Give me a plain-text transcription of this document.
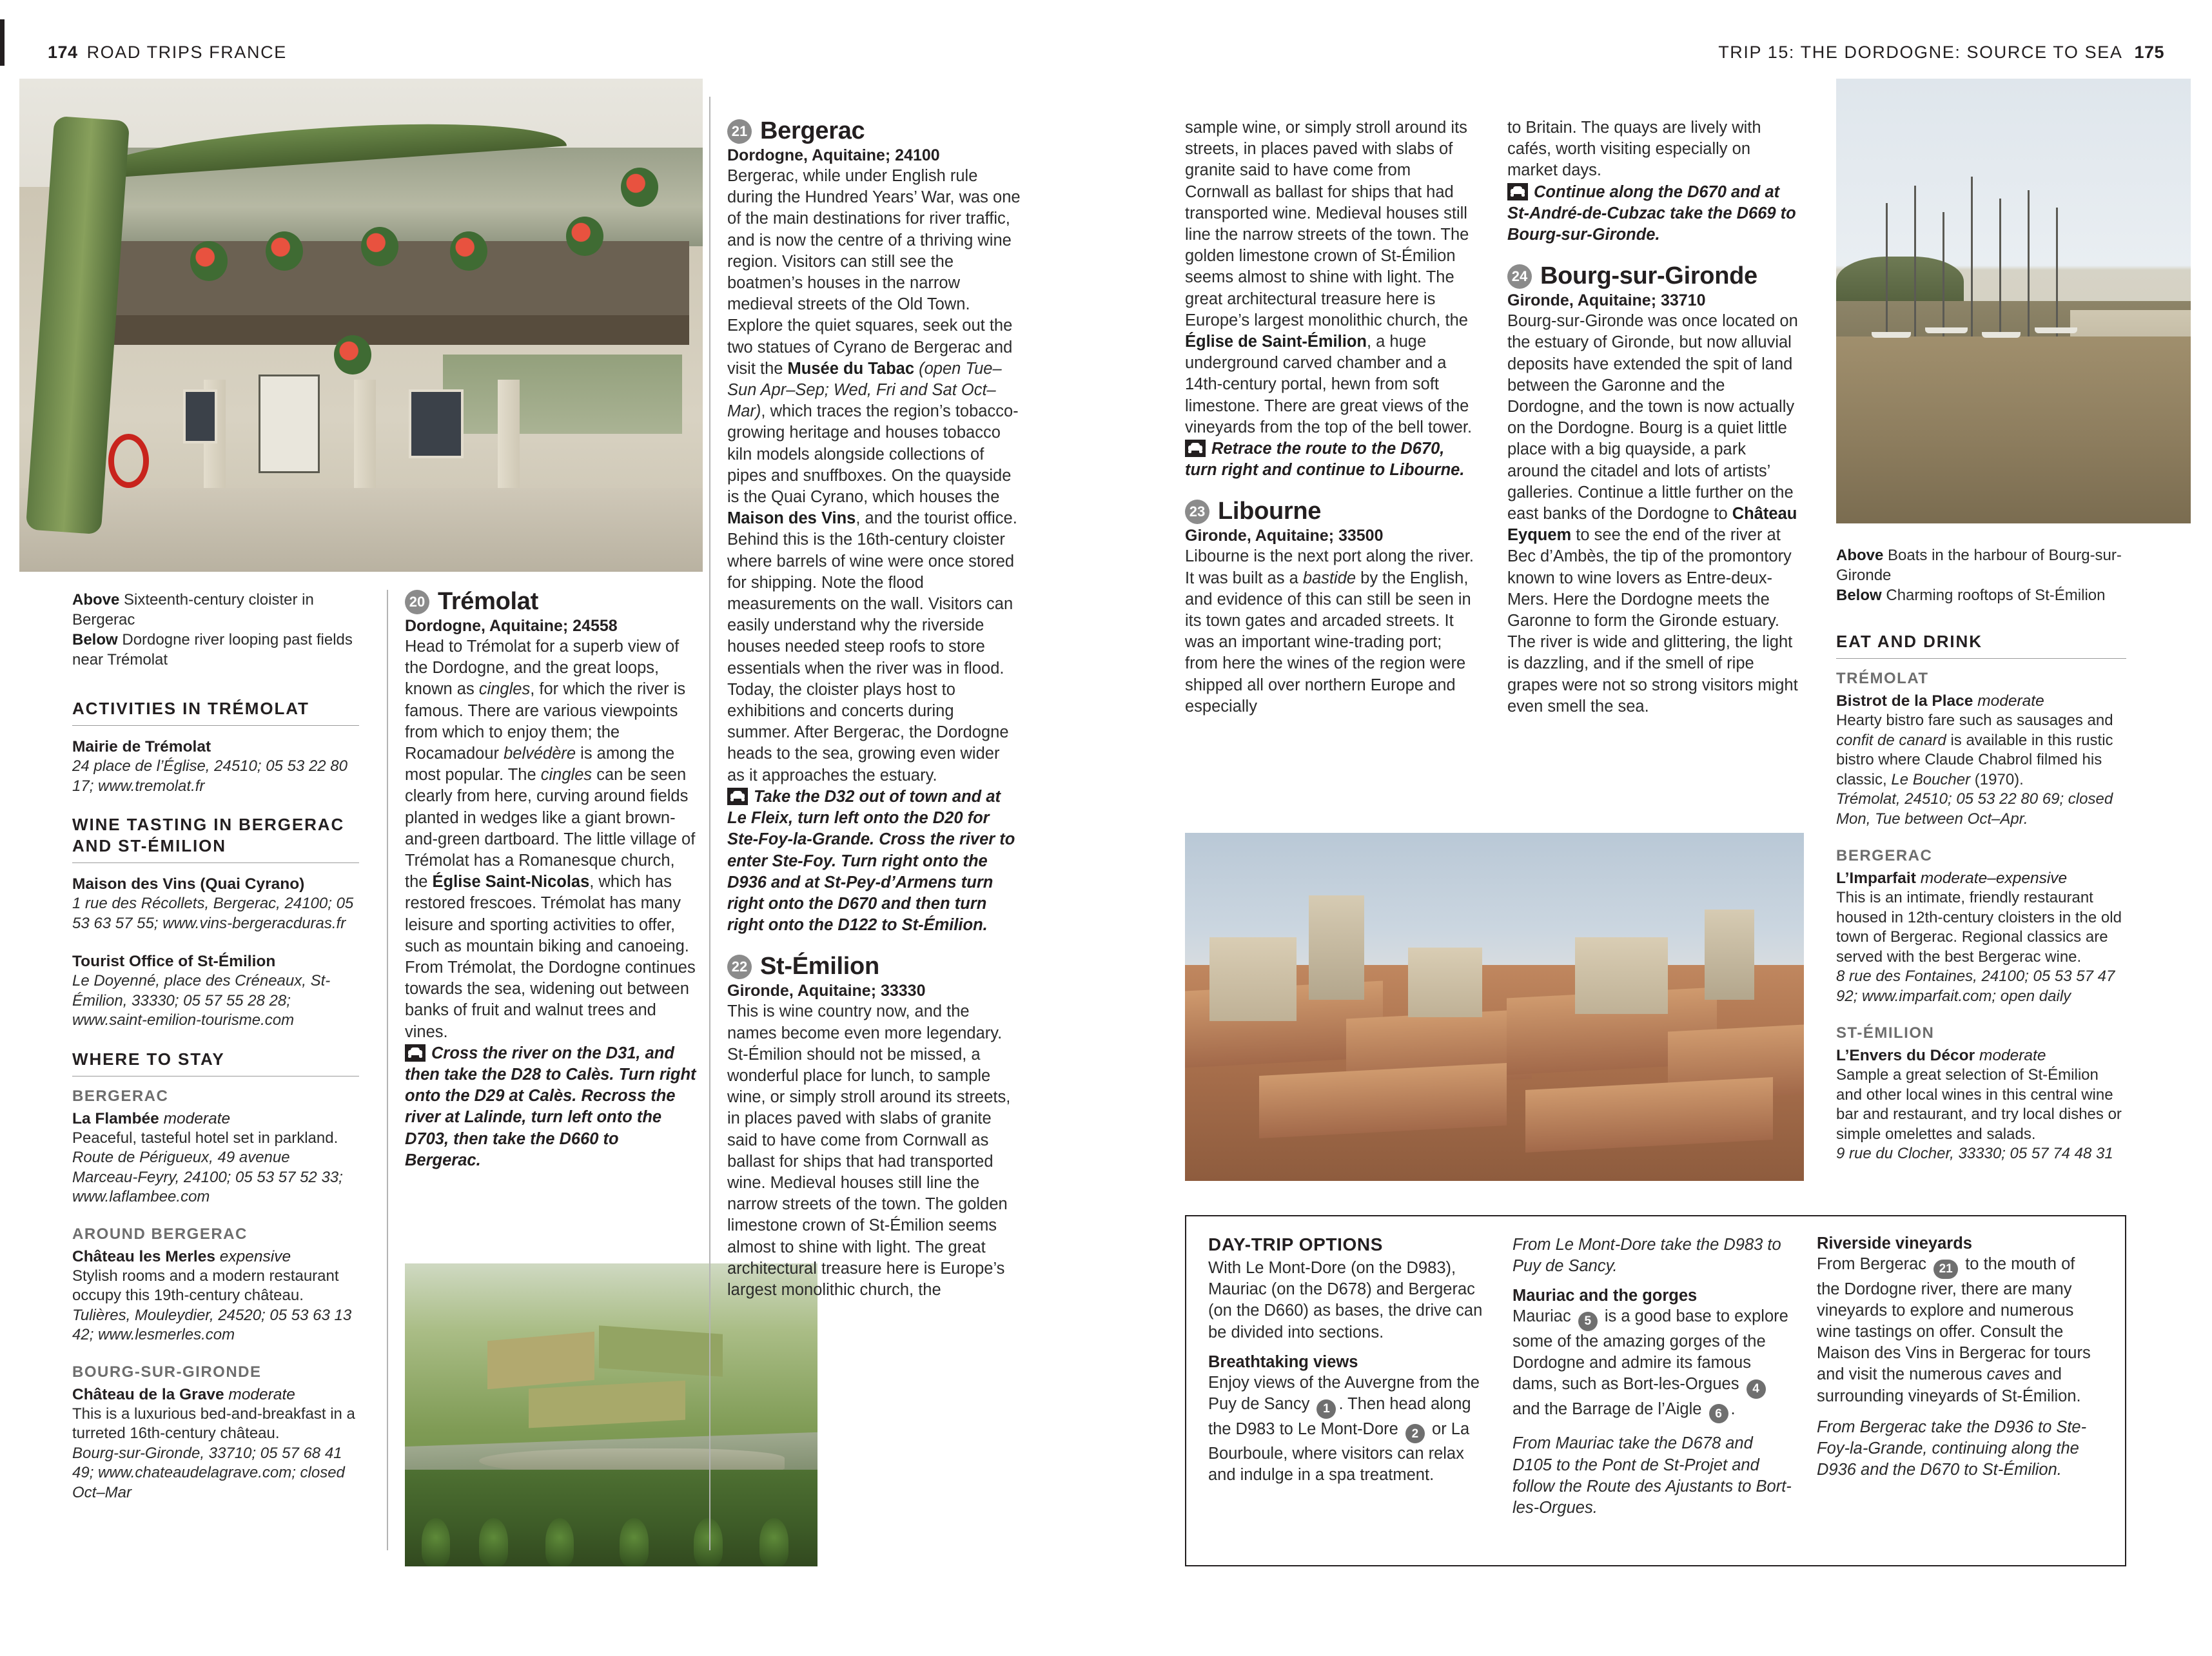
174 ROAD TRIPS FRANCE	TRIP 15: THE DORDOGNE: SOURCE TO SEA 175
Above Sixteenth-century cloister in Bergerac
Below Dordogne river looping past fields near Trémolat
ACTIVITIES IN TRÉMOLAT
Mairie de Trémolat
24 place de l’Église, 24510; 05 53 22 80 17; www.tremolat.fr
WINE TASTING IN BERGERAC AND ST-ÉMILION
Maison des Vins (Quai Cyrano)
1 rue des Récollets, Bergerac, 24100; 05 53 63 57 55; www.vins-bergeracduras.fr
Tourist Office of St-Émilion
Le Doyenné, place des Créneaux, St-Émilion, 33330; 05 57 55 28 28; www.saint-emilion-tourisme.com
WHERE TO STAY
BERGERAC
La Flambée moderate
Peaceful, tasteful hotel set in parkland.
Route de Périgueux, 49 avenue Marceau-Feyry, 24100; 05 53 57 52 33; www.laflambee.com
AROUND BERGERAC
Château les Merles expensive
Stylish rooms and a modern restaurant occupy this 19th-century château.
Tulières, Mouleydier, 24520; 05 53 63 13 42; www.lesmerles.com
BOURG-SUR-GIRONDE
Château de la Grave moderate
This is a luxurious bed-and-breakfast in a turreted 16th-century château.
Bourg-sur-Gironde, 33710; 05 57 68 41 49; www.chateaudelagrave.com; closed Oct–Mar
20 Trémolat
Dordogne, Aquitaine; 24558
Head to Trémolat for a superb view of the Dordogne, and the great loops, known as cingles, for which the river is famous. There are various viewpoints from which to enjoy them; the Rocamadour belvédère is among the most popular. The cingles can be seen clearly from here, curving around fields planted in wedges like a giant brown-and-green dartboard. The little village of Trémolat has a Romanesque church, the Église Saint-Nicolas, which has restored frescoes. Trémolat has many leisure and sporting activities to offer, such as mountain biking and canoeing. From Trémolat, the Dordogne continues towards the sea, widening out between banks of fruit and walnut trees and vines.
Cross the river on the D31, and then take the D28 to Calès. Turn right onto the D29 at Calès. Recross the river at Lalinde, turn left onto the D703, then take the D660 to Bergerac.
21 Bergerac
Dordogne, Aquitaine; 24100
Bergerac, while under English rule during the Hundred Years’ War, was one of the main destinations for river traffic, and is now the centre of a thriving wine region. Visitors can still see the boatmen’s houses in the narrow medieval streets of the Old Town. Explore the quiet squares, seek out the two statues of Cyrano de Bergerac and visit the Musée du Tabac (open Tue–Sun Apr–Sep; Wed, Fri and Sat Oct–Mar), which traces the region’s tobacco-growing heritage and houses tobacco kiln models alongside collections of pipes and snuffboxes. On the quayside is the Quai Cyrano, which houses the Maison des Vins, and the tourist office. Behind this is the 16th-century cloister where barrels of wine were once stored for shipping. Note the flood measurements on the wall. Visitors can easily understand why the riverside houses needed steep roofs to store essentials when the river was in flood. Today, the cloister plays host to exhibitions and concerts during summer. After Bergerac, the Dordogne heads to the sea, growing even wider as it approaches the estuary.
Take the D32 out of town and at Le Fleix, turn left onto the D20 for Ste-Foy-la-Grande. Cross the river to enter Ste-Foy. Turn right onto the D936 and at St-Pey-d’Armens turn right onto the D670 and then turn right onto the D122 to St-Émilion.
22 St-Émilion
Gironde, Aquitaine; 33330
This is wine country now, and the names become even more legendary. St-Émilion should not be missed, a wonderful place for lunch, to sample wine, or simply stroll around its streets, in places paved with slabs of granite said to have come from Cornwall as ballast for ships that had transported wine. Medieval houses still line the narrow streets of the town. The golden limestone crown of St-Émilion seems almost to shine with light. The great architectural treasure here is Europe’s largest monolithic church, the
sample wine, or simply stroll around its streets, in places paved with slabs of granite said to have come from Cornwall as ballast for ships that had transported wine. Medieval houses still line the narrow streets of the town. The golden limestone crown of St-Émilion seems almost to shine with light. The great architectural treasure here is Europe’s largest monolithic church, the Église de Saint-Émilion, a huge underground carved chamber and a 14th-century portal, hewn from soft limestone. There are great views of the vineyards from the top of the bell tower.
Retrace the route to the D670, turn right and continue to Libourne.
23 Libourne
Gironde, Aquitaine; 33500
Libourne is the next port along the river. It was built as a bastide by the English, and evidence of this can still be seen in its town gates and arcaded streets. It was an important wine-trading port; from here the wines of the region were shipped all over northern Europe and especially
to Britain. The quays are lively with cafés, worth visiting especially on market days.
Continue along the D670 and at St-André-de-Cubzac take the D669 to Bourg-sur-Gironde.
24 Bourg-sur-Gironde
Gironde, Aquitaine; 33710
Bourg-sur-Gironde was once located on the estuary of Gironde, but now alluvial deposits have extended the spit of land between the Garonne and the Dordogne, and the town is now actually on the Dordogne. Bourg is a quiet little place with a big quayside, a park around the citadel and lots of artists’ galleries. Continue a little further on the east banks of the Dordogne to Château Eyquem to see the end of the river at Bec d’Ambès, the tip of the promontory known to wine lovers as Entre-deux-Mers. Here the Dordogne meets the Garonne to form the Gironde estuary. The river is wide and glittering, the light is dazzling, and if the smell of ripe grapes were not so strong visitors might even smell the sea.
Above Boats in the harbour of Bourg-sur-Gironde
Below Charming rooftops of St-Émilion
EAT AND DRINK
TRÉMOLAT
Bistrot de la Place moderate
Hearty bistro fare such as sausages and confit de canard is available in this rustic bistro where Claude Chabrol filmed his classic, Le Boucher (1970).
Trémolat, 24510; 05 53 22 80 69; closed Mon, Tue between Oct–Apr.
BERGERAC
L’Imparfait moderate–expensive
This is an intimate, friendly restaurant housed in 12th-century cloisters in the old town of Bergerac. Regional classics are served with the best Bergerac wine.
8 rue des Fontaines, 24100; 05 53 57 47 92; www.imparfait.com; open daily
ST-ÉMILION
L’Envers du Décor moderate
Sample a great selection of St-Émilion and other local wines in this central wine bar and restaurant, and try local dishes or simple omelettes and salads.
9 rue du Clocher, 33330; 05 57 74 48 31
DAY-TRIP OPTIONS
With Le Mont-Dore (on the D983), Mauriac (on the D678) and Bergerac (on the D660) as bases, the drive can be divided into sections.
Breathtaking views
Enjoy views of the Auvergne from the Puy de Sancy 1 . Then head along the D983 to Le Mont-Dore 2 or La Bourboule, where visitors can relax and indulge in a spa treatment.
From Le Mont-Dore take the D983 to Puy de Sancy.
Mauriac and the gorges
Mauriac 5 is a good base to explore some of the amazing gorges of the Dordogne and admire its famous dams, such as Bort-les-Orgues 4 and the Barrage de l’Aigle 6 .
From Mauriac take the D678 and D105 to the Pont de St-Projet and follow the Route des Ajustants to Bort-les-Orgues.
Riverside vineyards
From Bergerac 21 to the mouth of the Dordogne river, there are many vineyards to explore and numerous wine tastings on offer. Consult the Maison des Vins in Bergerac for tours and visit the numerous caves and surrounding vineyards of St-Émilion.
From Bergerac take the D936 to Ste-Foy-la-Grande, continuing along the D936 and the D670 to St-Émilion.
